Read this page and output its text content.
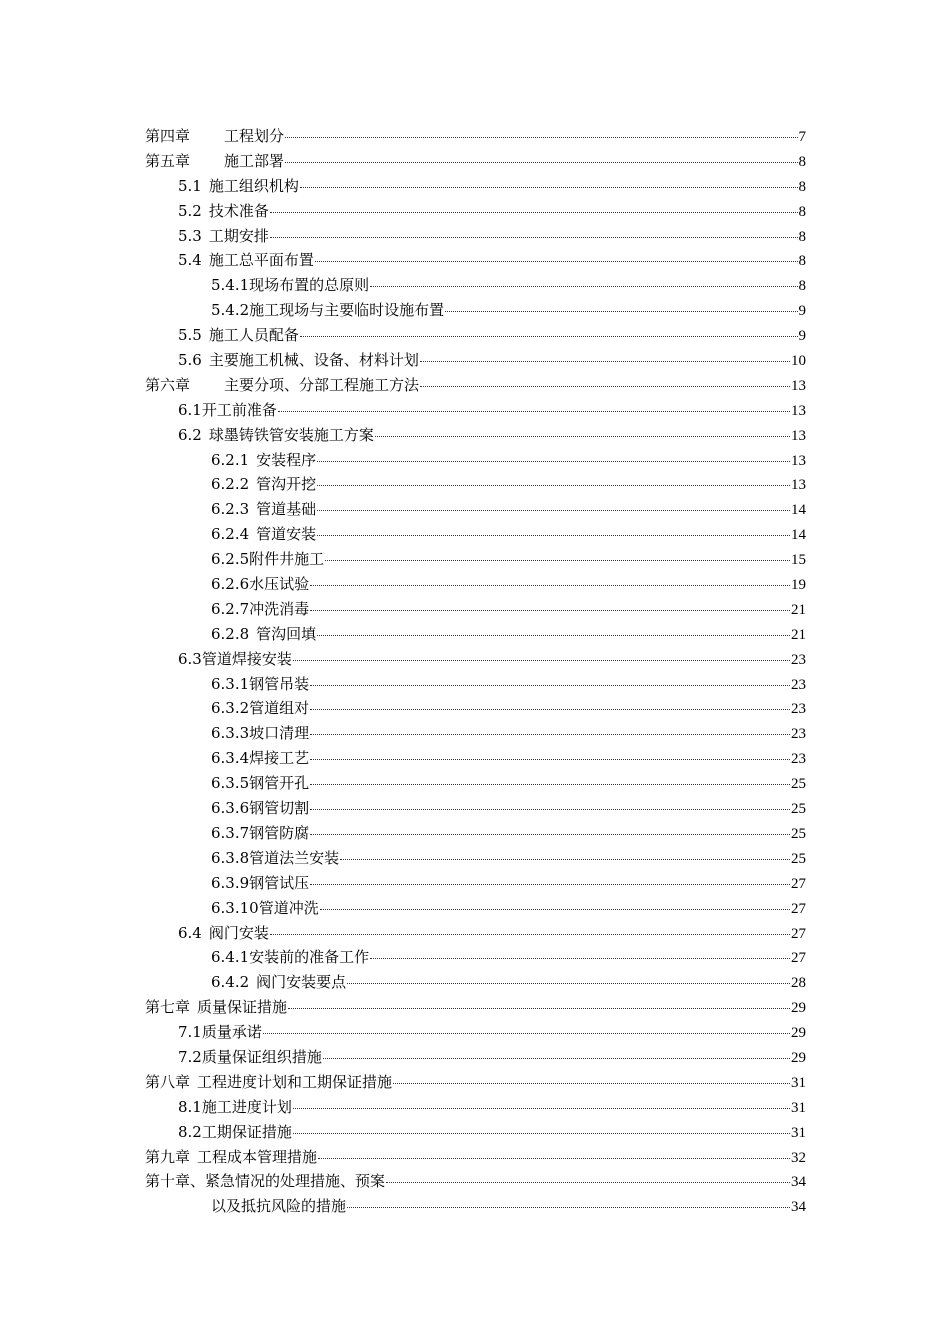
第四章 工程划分	7
第五章 施工部署	8
5.1 施工组织机构	8
5.2 技术准备	8
5.3 工期安排	8
5.4 施工总平面布置	8
5.4.1现场布置的总原则	8
5.4.2施工现场与主要临时设施布置	9
5.5 施工人员配备	9
5.6 主要施工机械、设备、材料计划	10
第六章 主要分项、分部工程施工方法	13
6.1开工前准备	13
6.2 球墨铸铁管安装施工方案	13
6.2.1 安装程序	13
6.2.2 管沟开挖	13
6.2.3 管道基础	14
6.2.4 管道安装	14
6.2.5附件井施工	15
6.2.6水压试验	19
6.2.7冲洗消毒	21
6.2.8 管沟回填	21
6.3管道焊接安装	23
6.3.1钢管吊装	23
6.3.2管道组对	23
6.3.3坡口清理	23
6.3.4焊接工艺	23
6.3.5钢管开孔	25
6.3.6钢管切割	25
6.3.7钢管防腐	25
6.3.8管道法兰安装	25
6.3.9钢管试压	27
6.3.10管道冲洗	27
6.4 阀门安装	27
6.4.1安装前的准备工作	27
6.4.2 阀门安装要点	28
第七章 质量保证措施	29
7.1质量承诺	29
7.2质量保证组织措施	29
第八章 工程进度计划和工期保证措施	31
8.1施工进度计划	31
8.2工期保证措施	31
第九章 工程成本管理措施	32
第十章、紧急情况的处理措施、预案	34
以及抵抗风险的措施	34
